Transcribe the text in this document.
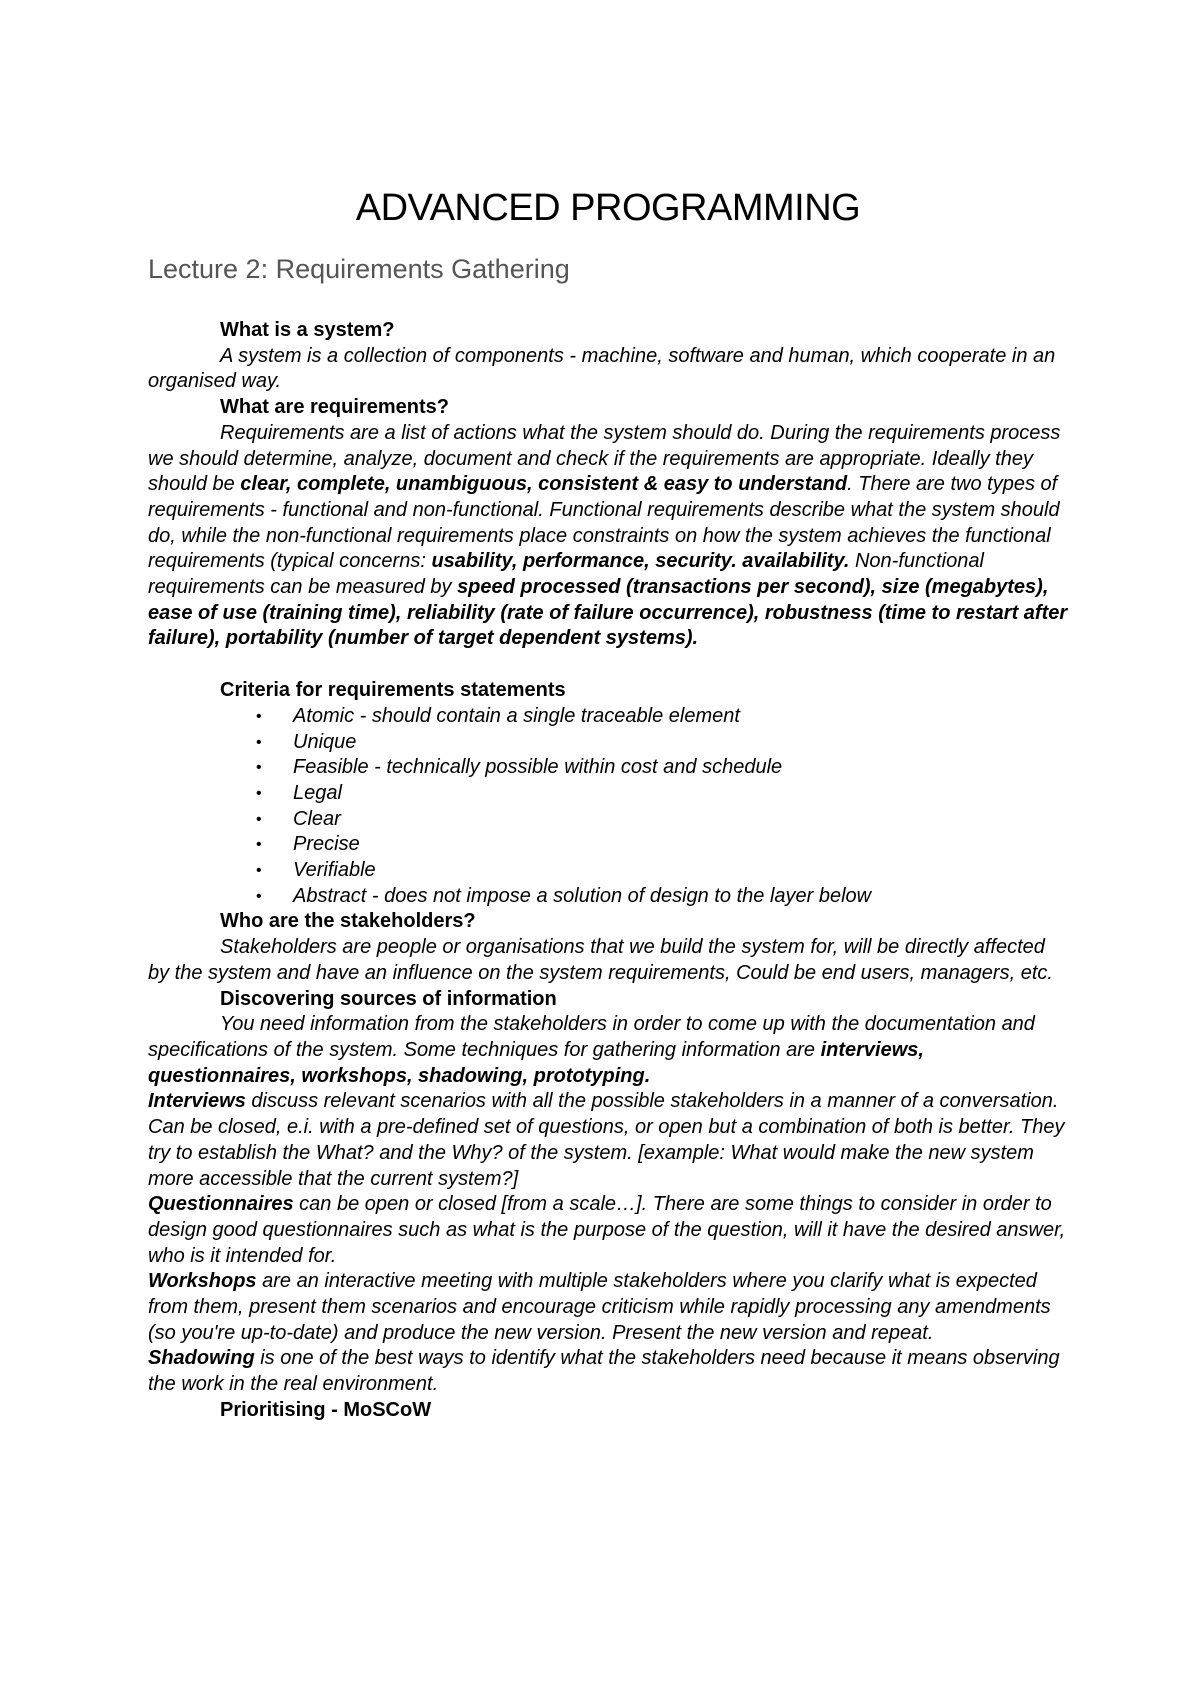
ADVANCED PROGRAMMING
Lecture 2: Requirements Gathering

What is a system?

A system is a collection of components - machine, software and human, which cooperate in an organised way.

What are requirements?

Requirements are a list of actions what the system should do. During the requirements process we should determine, analyze, document and check if the requirements are appropriate. Ideally they should be clear, complete, unambiguous, consistent & easy to understand. There are two types of requirements - functional and non-functional. Functional requirements describe what the system should do, while the non-functional requirements place constraints on how the system achieves the functional requirements (typical concerns: usability, performance, security. availability. Non-functional requirements can be measured by speed processed (transactions per second), size (megabytes), ease of use (training time), reliability (rate of failure occurrence), robustness (time to restart after failure), portability (number of target dependent systems).

Criteria for requirements statements

• Atomic - should contain a single traceable element
• Unique
• Feasible - technically possible within cost and schedule
• Legal
• Clear
• Precise
• Verifiable
• Abstract - does not impose a solution of design to the layer below

Who are the stakeholders?

Stakeholders are people or organisations that we build the system for, will be directly affected by the system and have an influence on the system requirements, Could be end users, managers, etc.

Discovering sources of information

You need information from the stakeholders in order to come up with the documentation and specifications of the system. Some techniques for gathering information are interviews, questionnaires, workshops, shadowing, prototyping.

Interviews discuss relevant scenarios with all the possible stakeholders in a manner of a conversation. Can be closed, e.i. with a pre-defined set of questions, or open but a combination of both is better. They try to establish the What? and the Why? of the system. [example: What would make the new system more accessible that the current system?]

Questionnaires can be open or closed [from a scale…]. There are some things to consider in order to design good questionnaires such as what is the purpose of the question, will it have the desired answer, who is it intended for.

Workshops are an interactive meeting with multiple stakeholders where you clarify what is expected from them, present them scenarios and encourage criticism while rapidly processing any amendments (so you're up-to-date) and produce the new version. Present the new version and repeat.

Shadowing is one of the best ways to identify what the stakeholders need because it means observing the work in the real environment.

Prioritising - MoSCoW
